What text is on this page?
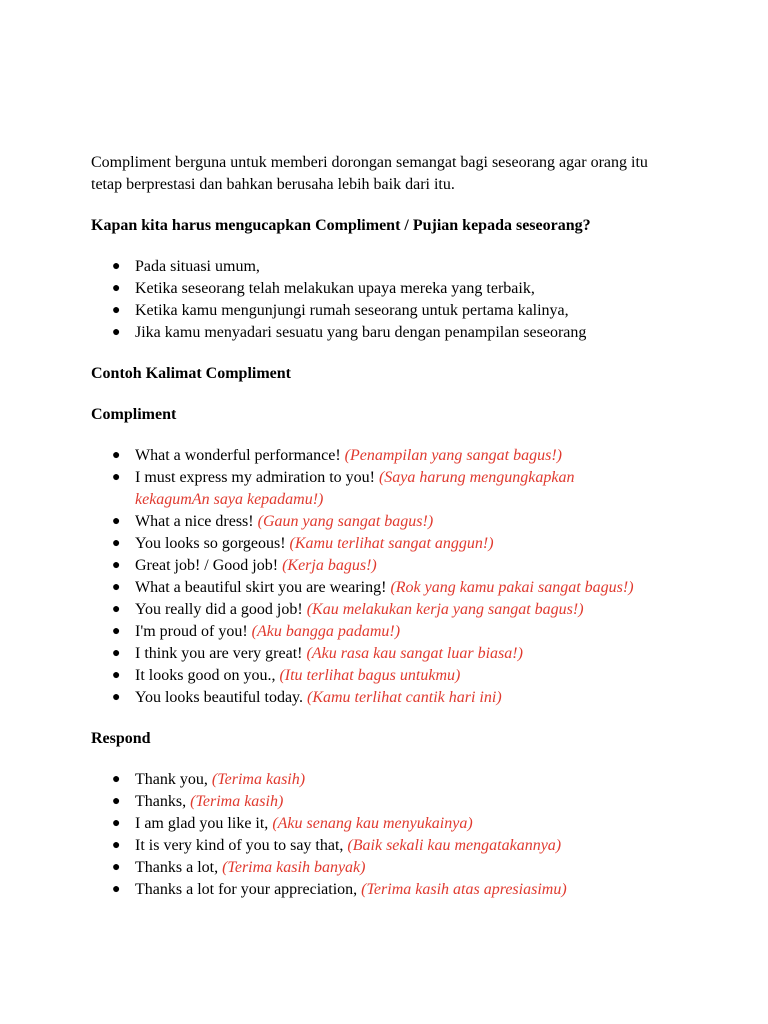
Compliment berguna untuk memberi dorongan semangat bagi seseorang agar orang itu tetap berprestasi dan bahkan berusaha lebih baik dari itu.

Kapan kita harus mengucapkan Compliment / Pujian kepada seseorang?

● Pada situasi umum,
● Ketika seseorang telah melakukan upaya mereka yang terbaik,
● Ketika kamu mengunjungi rumah seseorang untuk pertama kalinya,
● Jika kamu menyadari sesuatu yang baru dengan penampilan seseorang

Contoh Kalimat Compliment

Compliment

● What a wonderful performance! (Penampilan yang sangat bagus!)
● I must express my admiration to you! (Saya harung mengungkapkan kekagumAn saya kepadamu!)
● What a nice dress! (Gaun yang sangat bagus!)
● You looks so gorgeous! (Kamu terlihat sangat anggun!)
● Great job! / Good job! (Kerja bagus!)
● What a beautiful skirt you are wearing! (Rok yang kamu pakai sangat bagus!)
● You really did a good job! (Kau melakukan kerja yang sangat bagus!)
● I'm proud of you! (Aku bangga padamu!)
● I think you are very great! (Aku rasa kau sangat luar biasa!)
● It looks good on you., (Itu terlihat bagus untukmu)
● You looks beautiful today. (Kamu terlihat cantik hari ini)

Respond

● Thank you, (Terima kasih)
● Thanks, (Terima kasih)
● I am glad you like it, (Aku senang kau menyukainya)
● It is very kind of you to say that, (Baik sekali kau mengatakannya)
● Thanks a lot, (Terima kasih banyak)
● Thanks a lot for your appreciation, (Terima kasih atas apresiasimu)
